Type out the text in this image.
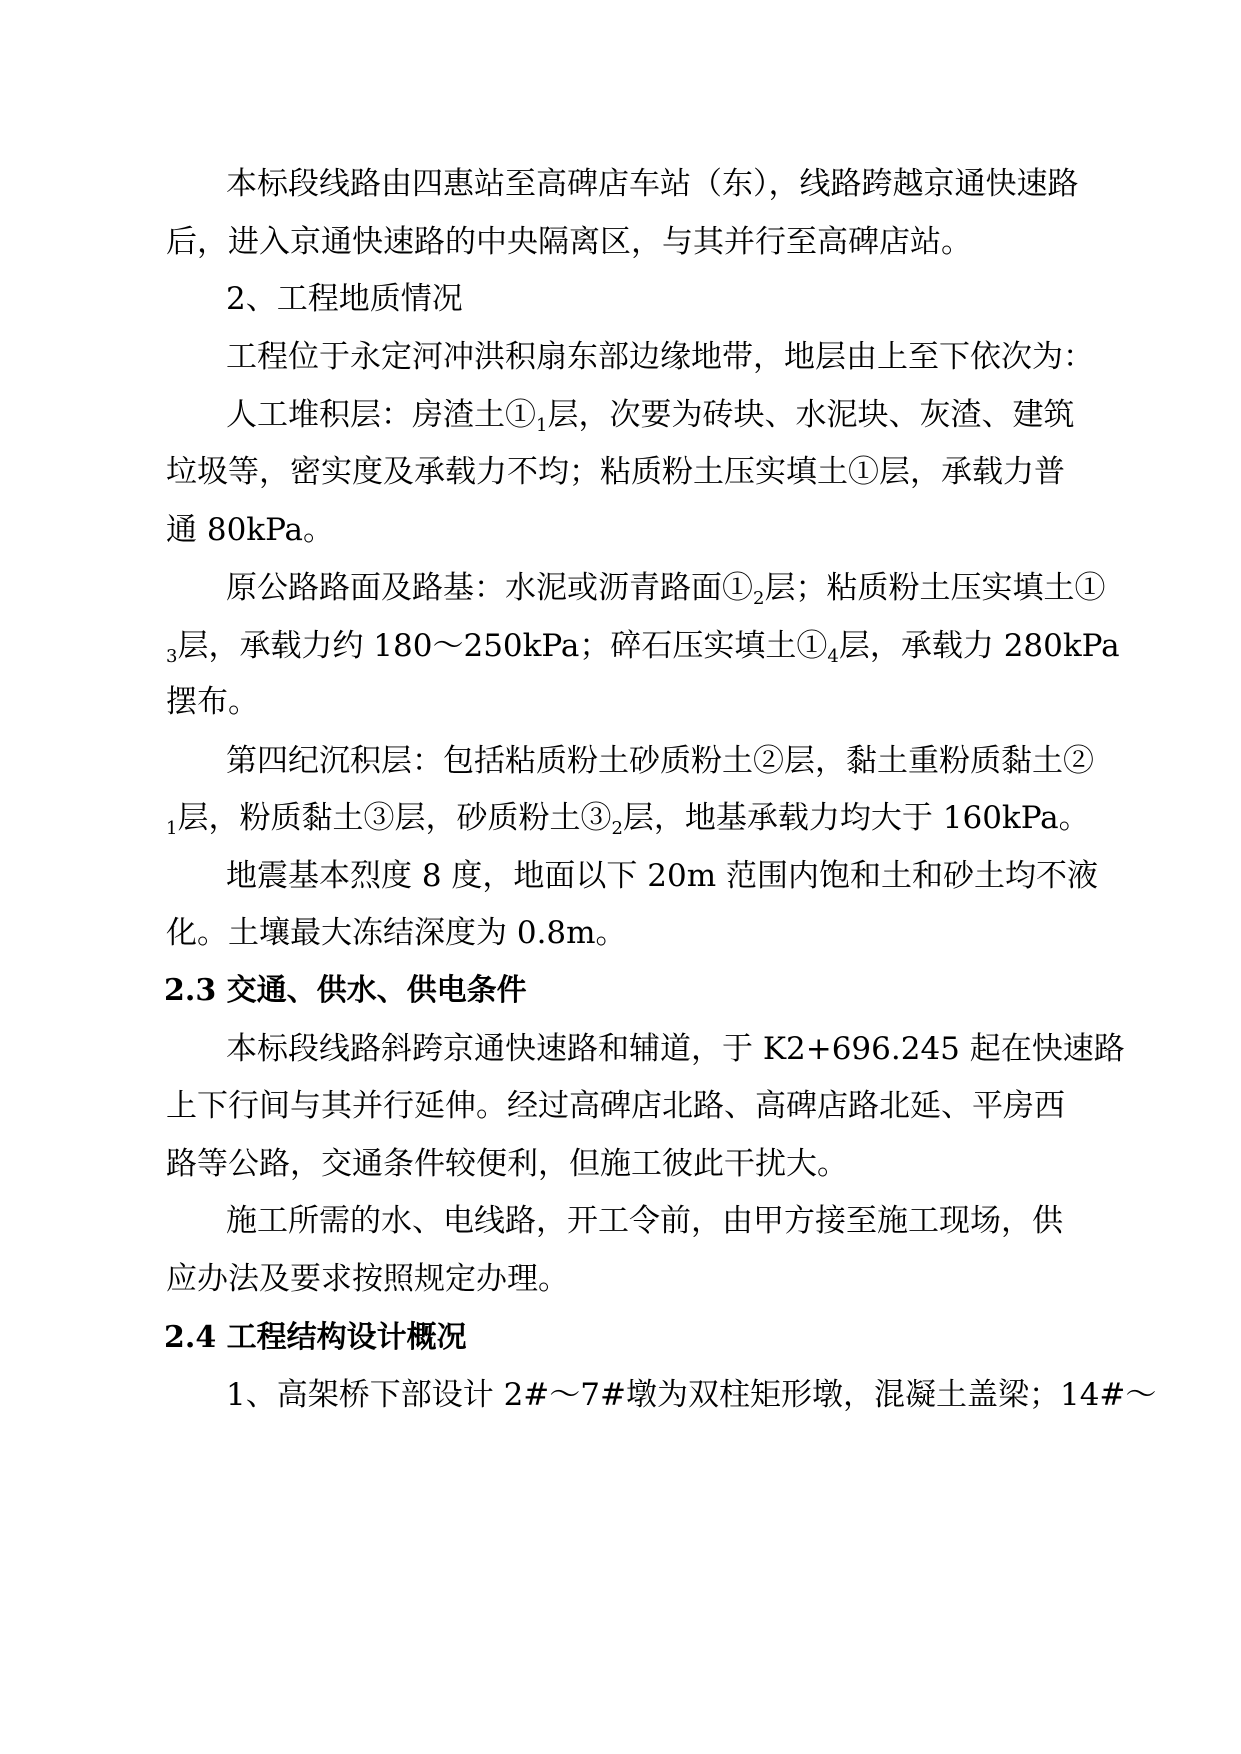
本标段线路由四惠站至高碑店车站（东），线路跨越京通快速路
后，进入京通快速路的中央隔离区，与其并行至高碑店站。
2、工程地质情况
工程位于永定河冲洪积扇东部边缘地带，地层由上至下依次为：
人工堆积层：房渣土$①_1$层，次要为砖块、水泥块、灰渣、建筑
垃圾等，密实度及承载力不均；粘质粉土压实填土①层，承载力普
通 80kPa。
原公路路面及路基：水泥或沥青路面$①_2$层；粘质粉土压实填土①
$_3$层，承载力约 180～250kPa；碎石压实填土$①_4$层，承载力 280kPa
摆布。
第四纪沉积层：包括粘质粉土砂质粉土②层，黏土重粉质黏土②
$_1$层，粉质黏土③层，砂质粉土$③_2$层，地基承载力均大于 160kPa。
地震基本烈度 8 度，地面以下 20m 范围内饱和土和砂土均不液
化。土壤最大冻结深度为 0.8m。
2.3 交通、供水、供电条件
本标段线路斜跨京通快速路和辅道，于 K2+696.245 起在快速路
上下行间与其并行延伸。经过高碑店北路、高碑店路北延、平房西
路等公路，交通条件较便利，但施工彼此干扰大。
施工所需的水、电线路，开工令前，由甲方接至施工现场，供
应办法及要求按照规定办理。
2.4 工程结构设计概况
1、高架桥下部设计 2#～7#墩为双柱矩形墩，混凝土盖梁；14#～
